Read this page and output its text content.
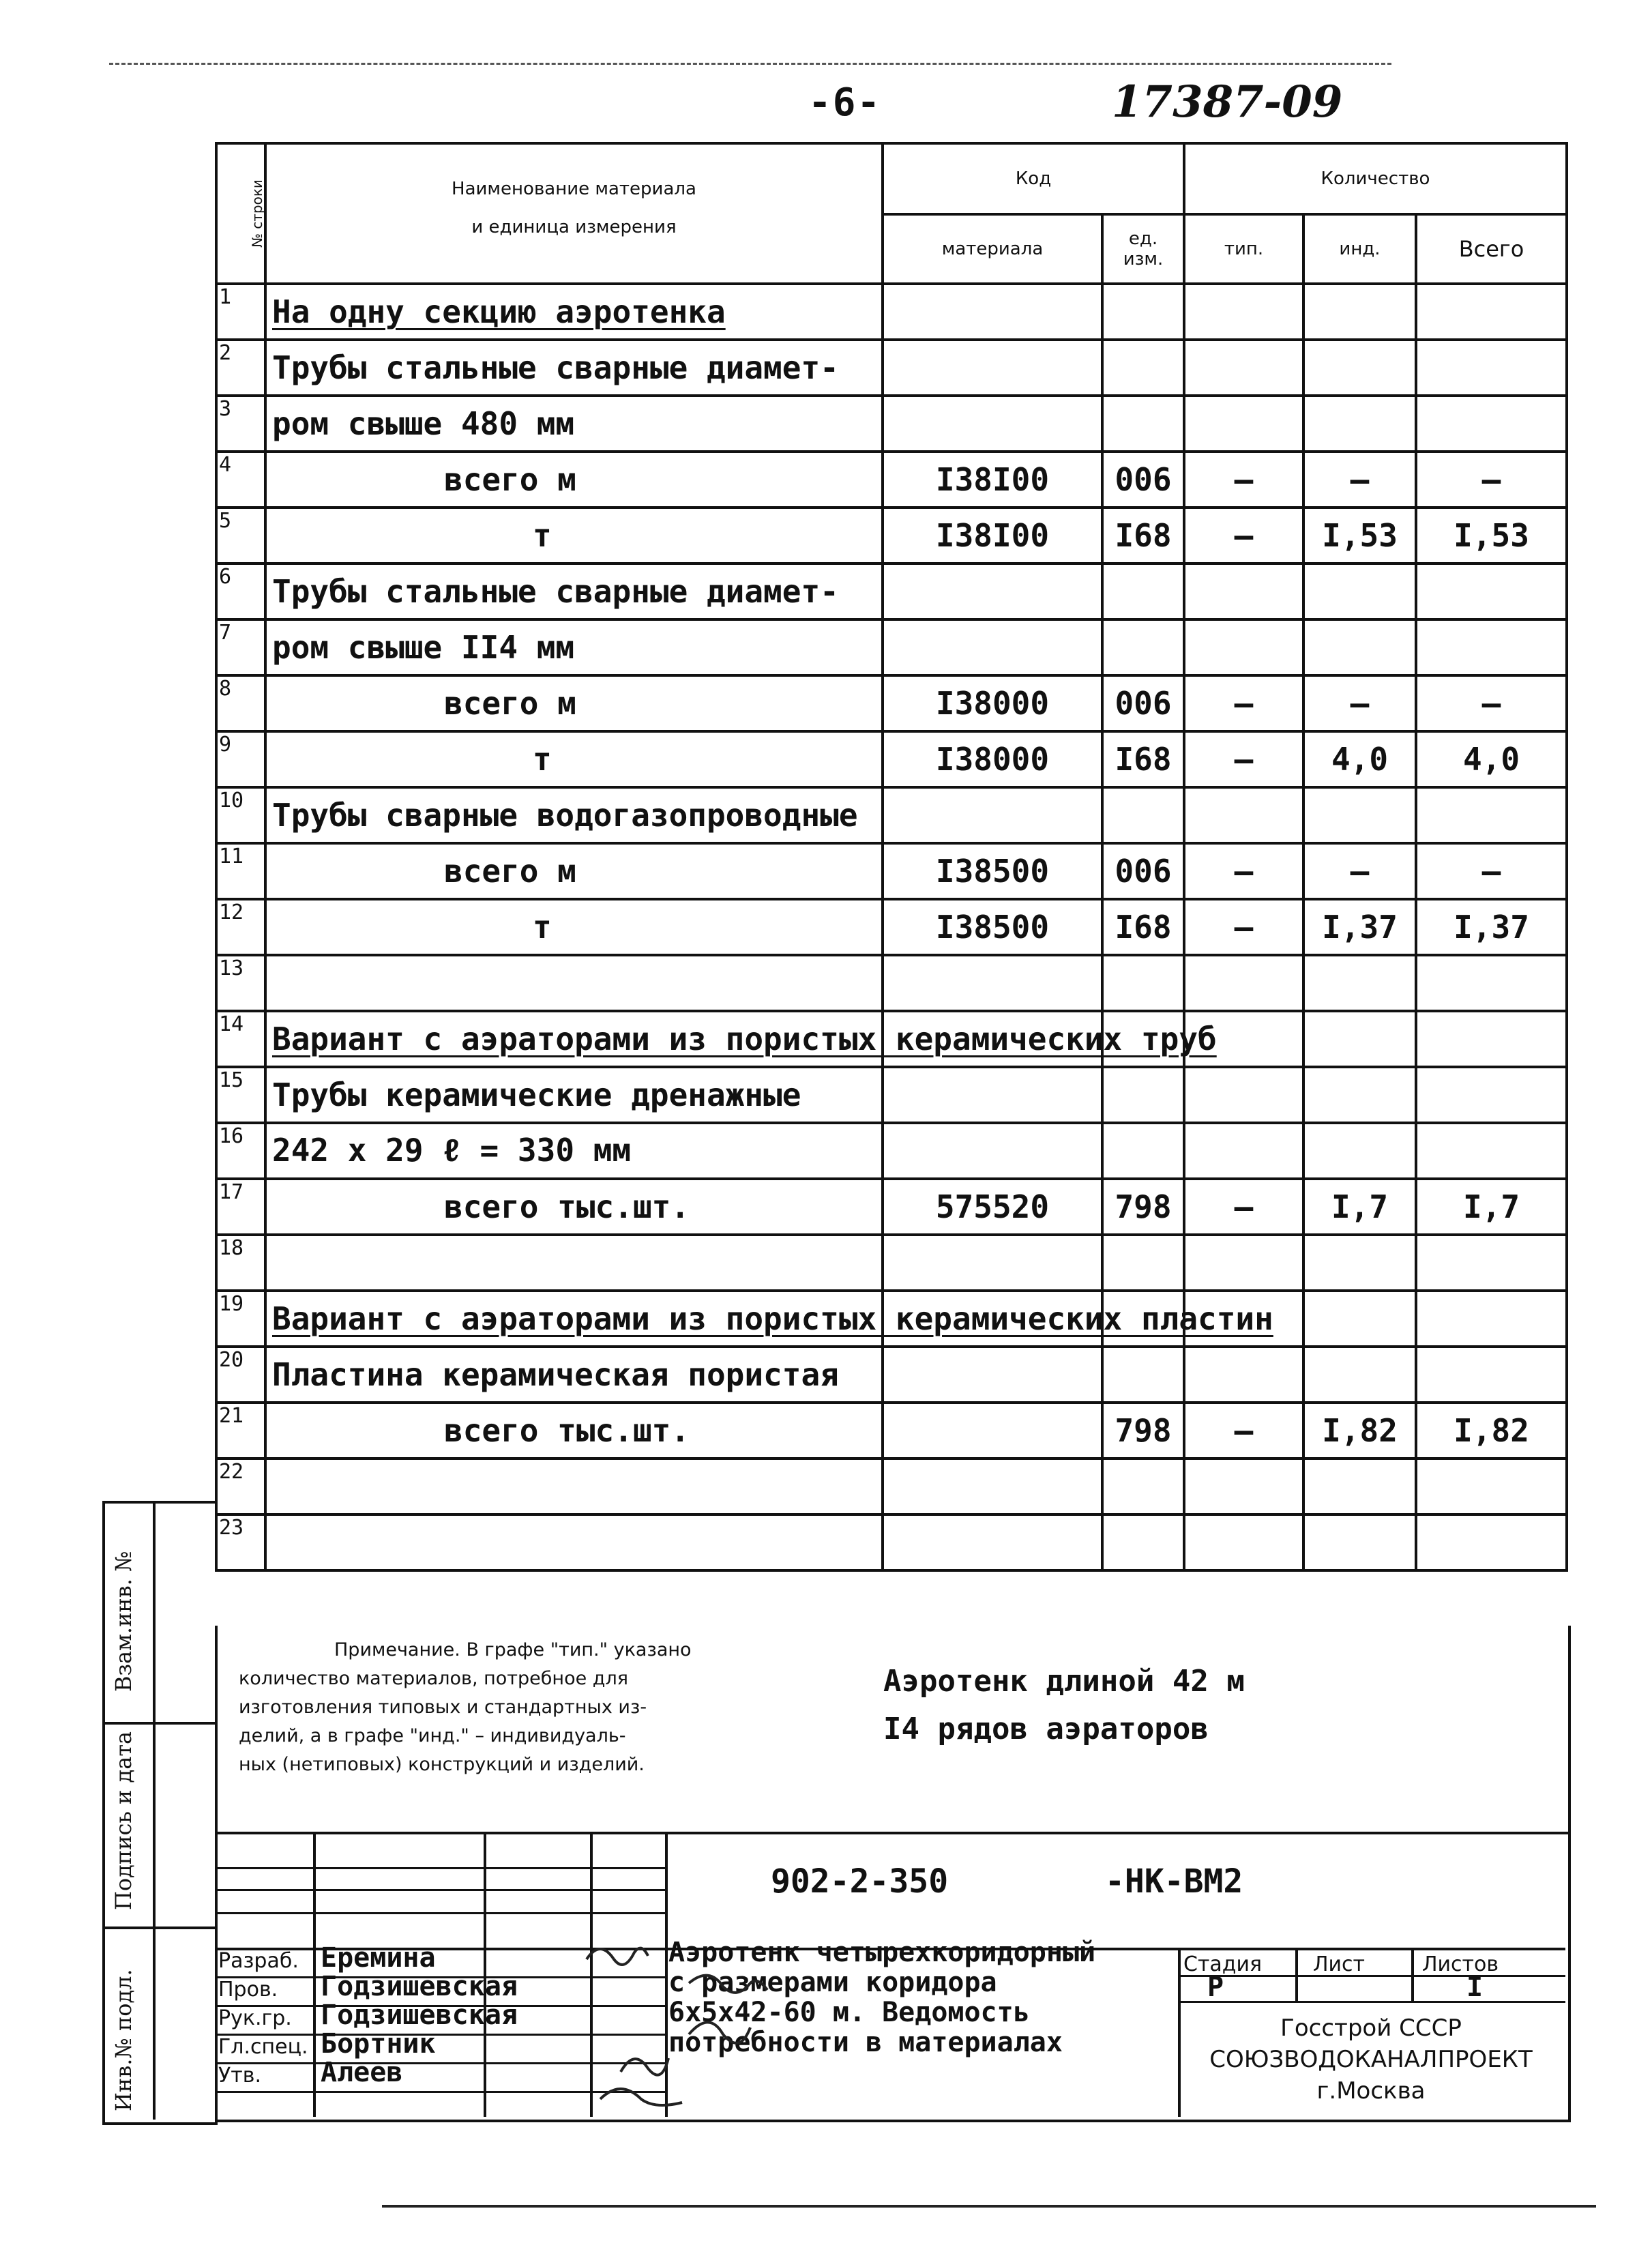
-6-	17387-09
№ строки	Наименование материала
и единица измерения	Код		Количество		
		материала	ед. изм.	тип.	инд.	Всего
1	На одну секцию аэротенка					
2	Трубы стальные сварные диамет-					
3	ром свыше 480 мм					
4	всего м	I38I00	006	–	–	–
5	т	I38I00	I68	–	I,53	I,53
6	Трубы стальные сварные диамет-					
7	ром свыше II4 мм					
8	всего м	I38000	006	–	–	–
9	т	I38000	I68	–	4,0	4,0
10	Трубы сварные водогазопроводные					
11	всего м	I38500	006	–	–	–
12	т	I38500	I68	–	I,37	I,37
13						
14	Вариант с аэраторами из пористых керамических труб					
15	Трубы керамические дренажные					
16	242 х 29 ℓ = 330 мм					
17	всего тыс.шт.	575520	798	–	I,7	I,7
18						
19	Вариант с аэраторами из пористых керамических пластин					
20	Пластина керамическая пористая					
21	всего тыс.шт.		798	–	I,82	I,82
22						
23						
Примечание. В графе "тип." указано
количество материалов, потребное для
изготовления типовых и стандартных из-
делий, а в графе "инд." – индивидуаль-
ных (нетиповых) конструкций и изделий.
Аэротенк длиной 42 м
I4 рядов аэраторов
902-2-350	-НК-ВМ2
Разраб. Еремина
Пров. Годзишевская
Рук.гр. Годзишевская
Гл.спец. Бортник
Утв. Алеев
Аэротенк четырехкоридорный
с размерами коридора
6х5х42-60 м. Ведомость
потребности в материалах
Стадия Лист	Листов
Р	I
Госстрой СССР
СОЮЗВОДОКАНАЛПРОЕКТ
г.Москва
Взам.инв. №
Подпись и дата
Инв.№ подл.
